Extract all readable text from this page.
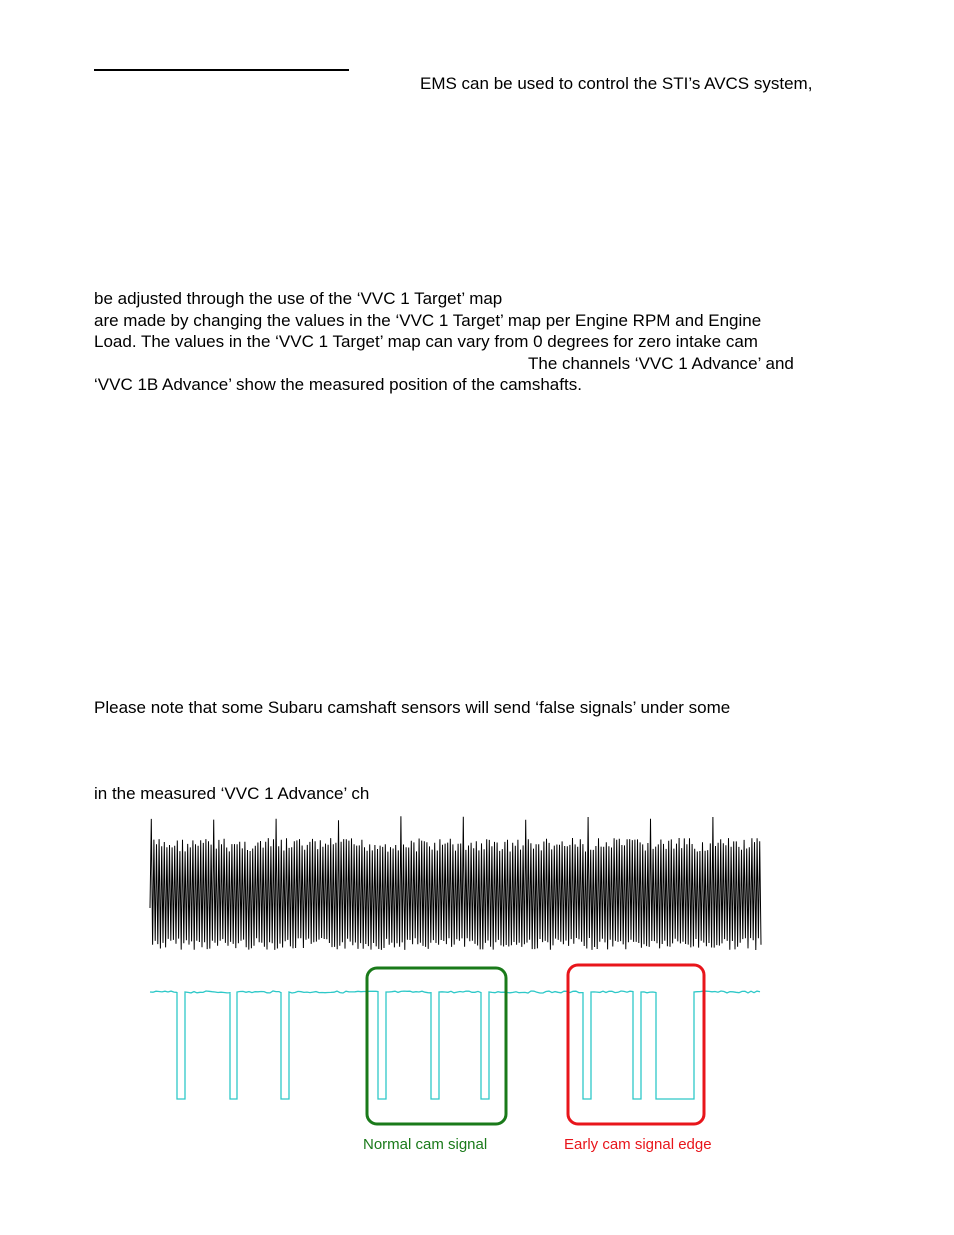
EMS can be used to control the STI’s AVCS system,
be adjusted through the use of the ‘VVC 1 Target’ map
are made by changing the values in the ‘VVC 1 Target’ map per Engine RPM and Engine
Load. The values in the ‘VVC 1 Target’ map can vary from 0 degrees for zero intake cam
The channels ‘VVC 1 Advance’ and
‘VVC 1B Advance’ show the measured position of the camshafts.
Please note that some Subaru camshaft sensors will send ‘false signals’ under some
in the measured ‘VVC 1 Advance’ ch
Normal cam signal	Early cam signal edge
